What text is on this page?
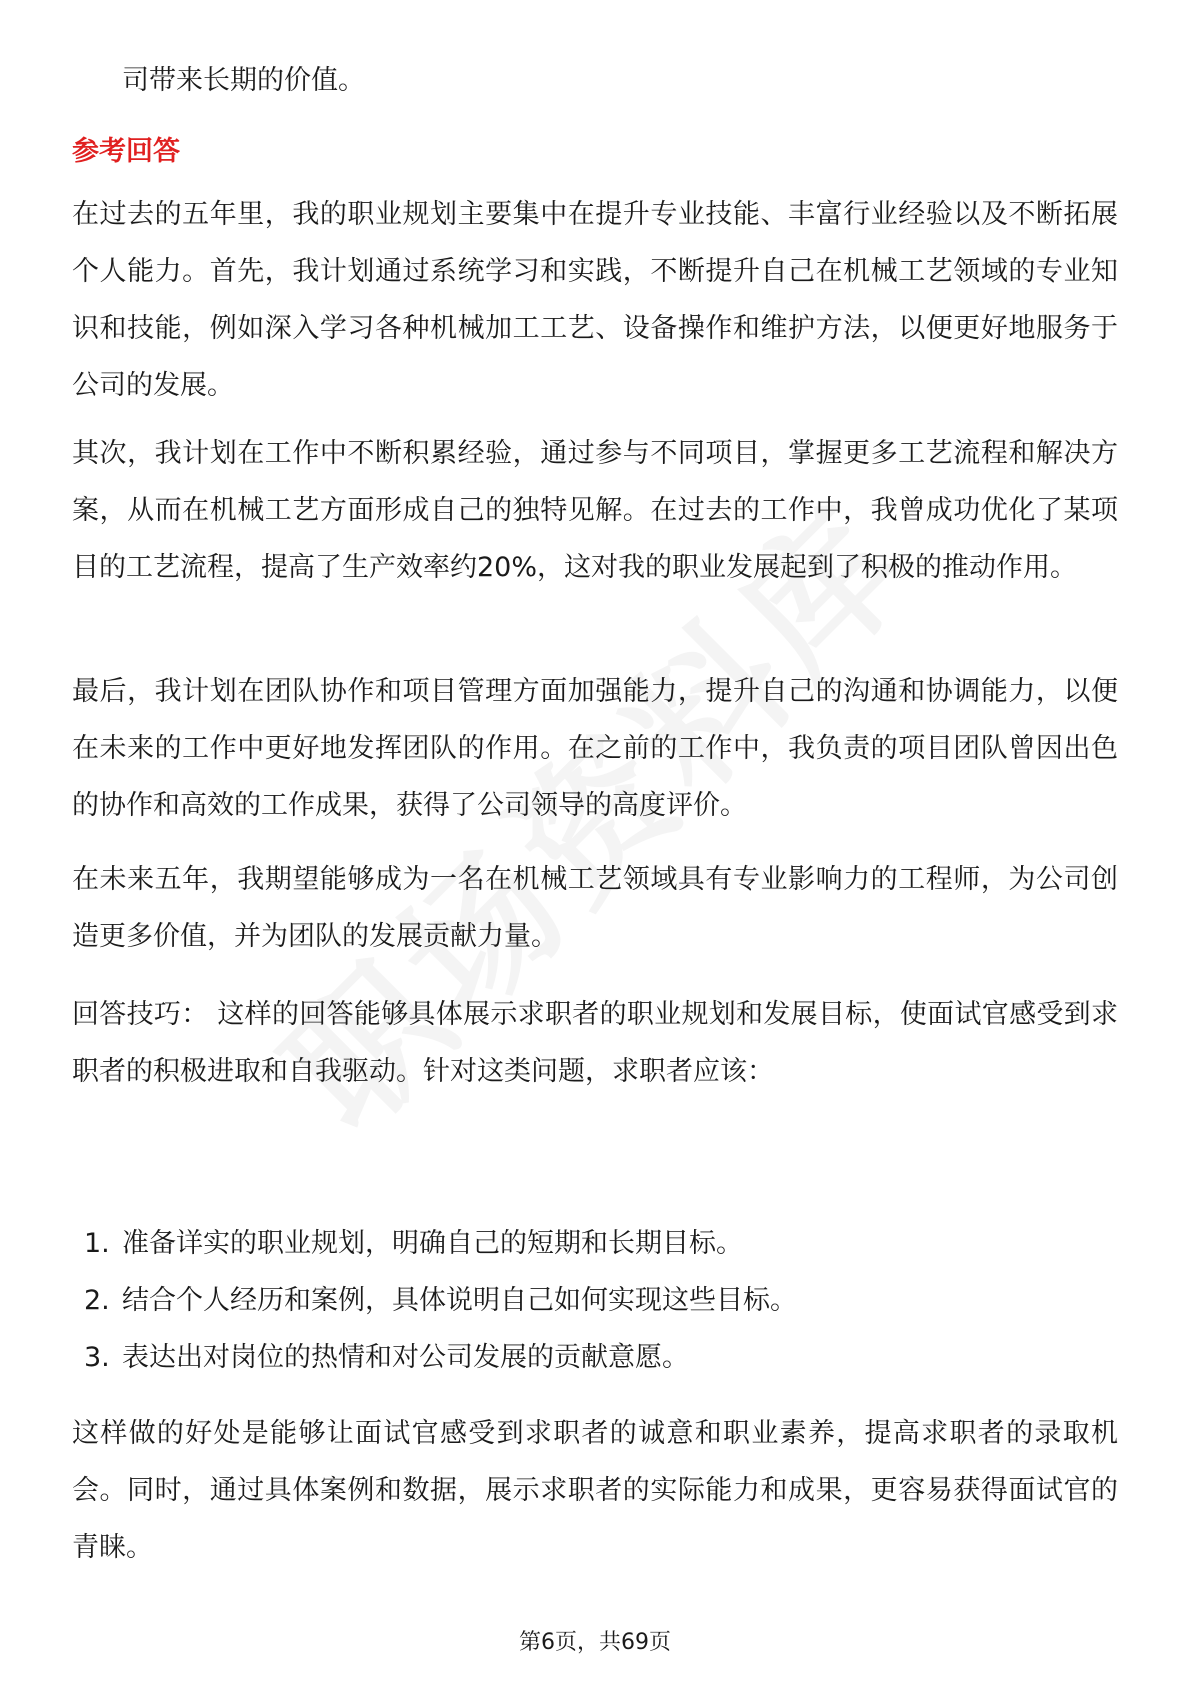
司带来长期的价值。

参考回答

在过去的五年里，我的职业规划主要集中在提升专业技能、丰富行业经验以及不断拓展个人能力。首先，我计划通过系统学习和实践，不断提升自己在机械工艺领域的专业知识和技能，例如深入学习各种机械加工工艺、设备操作和维护方法，以便更好地服务于公司的发展。

其次，我计划在工作中不断积累经验，通过参与不同项目，掌握更多工艺流程和解决方案，从而在机械工艺方面形成自己的独特见解。在过去的工作中，我曾成功优化了某项目的工艺流程，提高了生产效率约20%，这对我的职业发展起到了积极的推动作用。

最后，我计划在团队协作和项目管理方面加强能力，提升自己的沟通和协调能力，以便在未来的工作中更好地发挥团队的作用。在之前的工作中，我负责的项目团队曾因出色的协作和高效的工作成果，获得了公司领导的高度评价。

在未来五年，我期望能够成为一名在机械工艺领域具有专业影响力的工程师，为公司创造更多价值，并为团队的发展贡献力量。

回答技巧： 这样的回答能够具体展示求职者的职业规划和发展目标，使面试官感受到求职者的积极进取和自我驱动。针对这类问题，求职者应该：

1. 准备详实的职业规划，明确自己的短期和长期目标。
2. 结合个人经历和案例，具体说明自己如何实现这些目标。
3. 表达出对岗位的热情和对公司发展的贡献意愿。

这样做的好处是能够让面试官感受到求职者的诚意和职业素养，提高求职者的录取机会。同时，通过具体案例和数据，展示求职者的实际能力和成果，更容易获得面试官的青睐。

第6页，共69页
